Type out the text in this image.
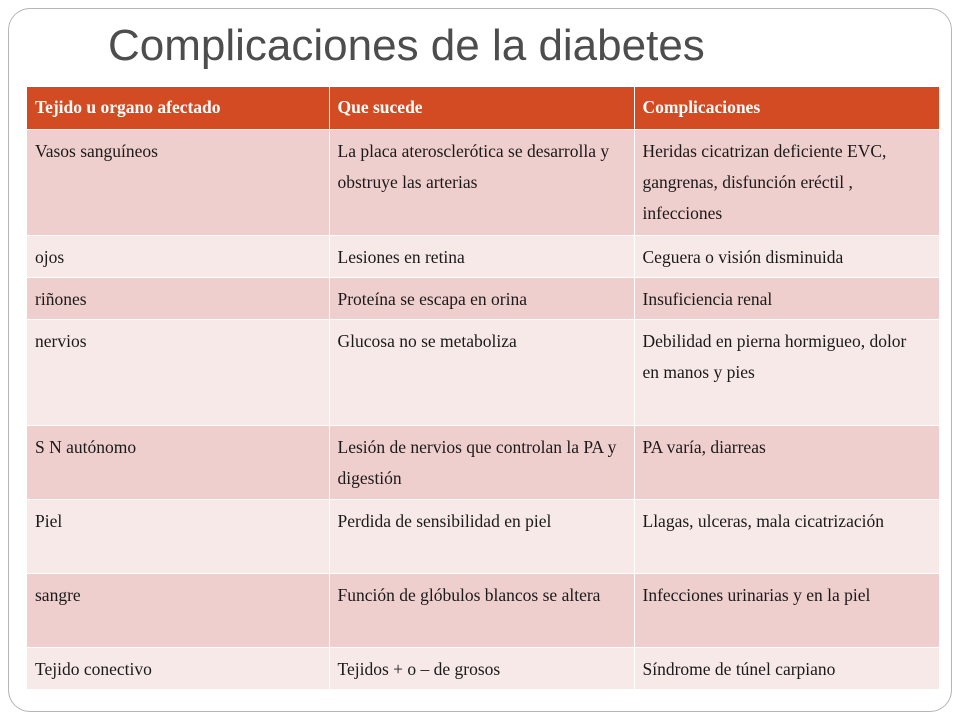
Complicaciones de la diabetes
Tejido u organo afectado	Que sucede	Complicaciones
Vasos sanguíneos	La placa aterosclerótica se desarrolla y obstruye las arterias	Heridas cicatrizan deficiente EVC, gangrenas, disfunción eréctil , infecciones
ojos	Lesiones en retina	Ceguera o visión disminuida
riñones	Proteína se escapa en orina	Insuficiencia renal
nervios	Glucosa no se metaboliza	Debilidad en pierna hormigueo, dolor en manos y pies
S N autónomo	Lesión de nervios que controlan la PA y digestión	PA varía, diarreas
Piel	Perdida de sensibilidad en piel	Llagas, ulceras, mala cicatrización
sangre	Función de glóbulos blancos se altera	Infecciones urinarias y en la piel
Tejido conectivo	Tejidos + o – de grosos	Síndrome de túnel carpiano
